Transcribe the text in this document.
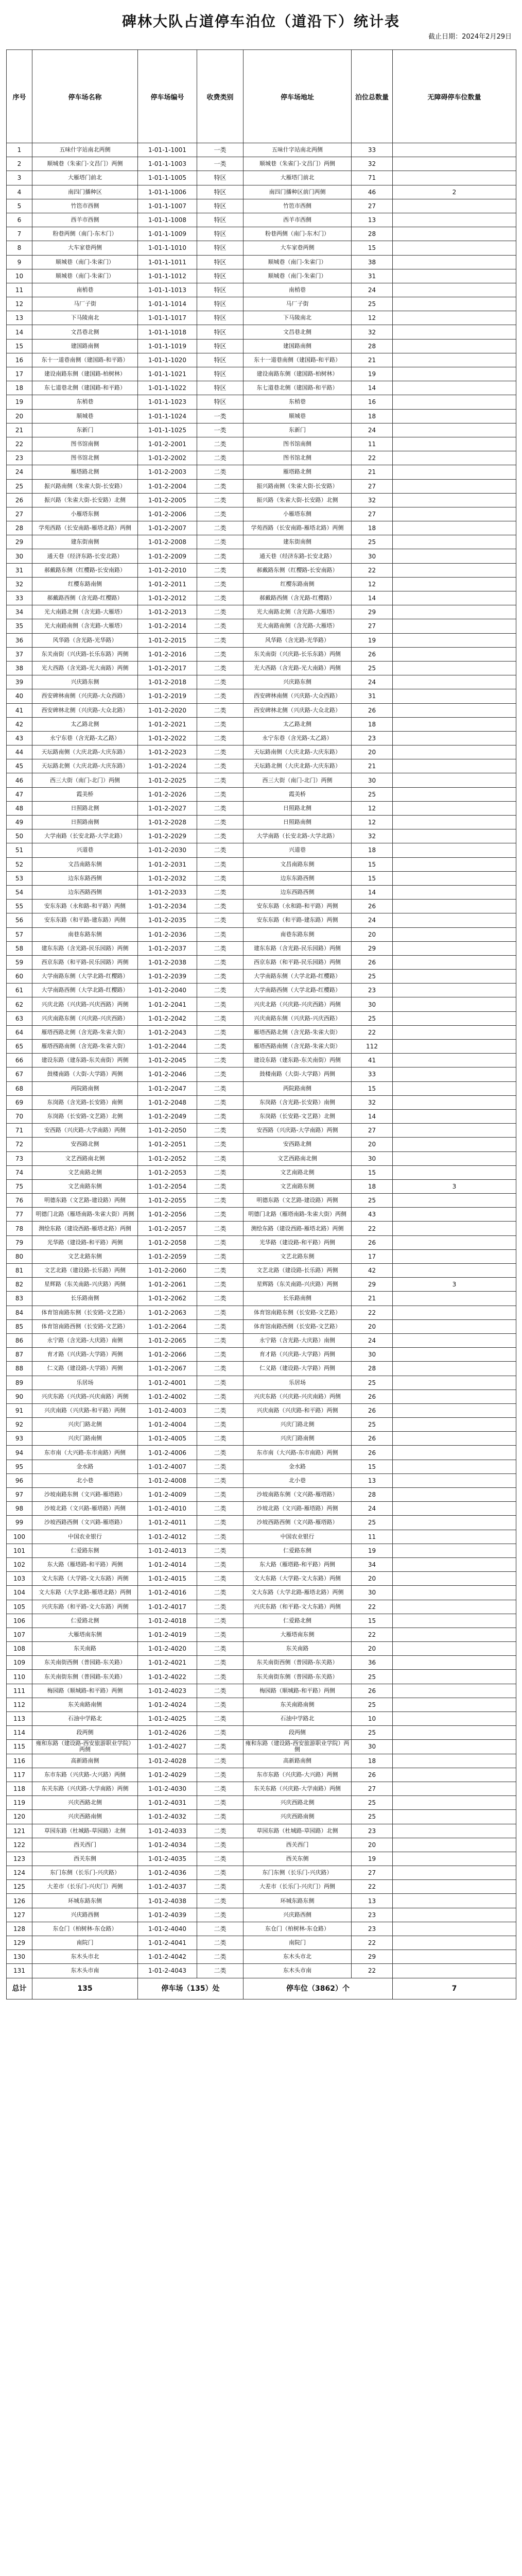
碑林大队占道停车泊位（道沿下）统计表
截止日期：2024年2月29日
序号	停车场名称	停车场编号	收费类别	停车场地址	泊位总数量	无障碍停车位数量
1	五味什字站南北两侧	1-01-1-1001	一类	五味什字站南北两侧	33	
2	顺城巷（朱雀门-文昌门）两侧	1-01-1-1003	一类	顺城巷（朱雀门-文昌门）两侧	32	
3	大雁塔门前北	1-01-1-1005	特区	大雁塔门前北	71	
4	南四门播种区	1-01-1-1006	特区	南四门播种区前门两侧	46	2
5	竹笆市西侧	1-01-1-1007	特区	竹笆市西侧	27	
6	西羊市西侧	1-01-1-1008	特区	西羊市西侧	13	
7	粉巷两侧（南门-东木门）	1-01-1-1009	特区	粉巷两侧（南门-东木门）	28	
8	大车家巷两侧	1-01-1-1010	特区	大车家巷两侧	15	
9	顺城巷（南门-朱雀门）	1-01-1-1011	特区	顺城巷（南门-朱雀门）	38	
10	顺城巷（南门-朱雀门）	1-01-1-1012	特区	顺城巷（南门-朱雀门）	31	
11	南梢巷	1-01-1-1013	特区	南梢巷	24	
12	马厂子街	1-01-1-1014	特区	马厂子街	25	
13	下马陵南北	1-01-1-1017	特区	下马陵南北	12	
14	文昌巷北侧	1-01-1-1018	特区	文昌巷北侧	32	
15	建国路南侧	1-01-1-1019	特区	建国路南侧	28	
16	东十一道巷南侧（建国路-和平路）	1-01-1-1020	特区	东十一道巷南侧（建国路-和平路）	21	
17	建设南路东侧（建国路-柏树林）	1-01-1-1021	特区	建设南路东侧（建国路-柏树林）	19	
18	东七道巷北侧（建国路-和平路）	1-01-1-1022	特区	东七道巷北侧（建国路-和平路）	14	
19	东梢巷	1-01-1-1023	特区	东梢巷	16	
20	顺城巷	1-01-1-1024	一类	顺城巷	18	
21	东新门	1-01-1-1025	一类	东新门	24	
22	图书馆南侧	1-01-2-2001	二类	图书馆南侧	11	
23	图书馆北侧	1-01-2-2002	二类	图书馆北侧	22	
24	雁塔路北侧	1-01-2-2003	二类	雁塔路北侧	21	
25	振兴路南侧（朱雀大街-长安路）	1-01-2-2004	二类	振兴路南侧（朱雀大街-长安路）	27	
26	振兴路（朱雀大街-长安路）北侧	1-01-2-2005	二类	振兴路（朱雀大街-长安路）北侧	32	
27	小雁塔东侧	1-01-2-2006	二类	小雁塔东侧	27	
28	学苑西路（长安南路-雁塔北路）两侧	1-01-2-2007	二类	学苑西路（长安南路-雁塔北路）两侧	18	
29	建东街南侧	1-01-2-2008	二类	建东街南侧	25	
30	通天巷（经济东路-长安北路）	1-01-2-2009	二类	通天巷（经济东路-长安北路）	30	
31	郝戴路东侧（红樱路-长安南路）	1-01-2-2010	二类	郝戴路东侧（红樱路-长安南路）	22	
32	红樱东路南侧	1-01-2-2011	二类	红樱东路南侧	12	
33	郝戴路西侧（含光路-红樱路）	1-01-2-2012	二类	郝戴路西侧（含光路-红樱路）	14	
34	光大南路北侧（含光路-大雁塔）	1-01-2-2013	二类	光大南路北侧（含光路-大雁塔）	29	
35	光大南路南侧（含光路-大雁塔）	1-01-2-2014	二类	光大南路南侧（含光路-大雁塔）	27	
36	风华路（含光路-光华路）	1-01-2-2015	二类	风华路（含光路-光华路）	19	
37	东关南街（兴庆路-长乐东路）两侧	1-01-2-2016	二类	东关南街（兴庆路-长乐东路）两侧	26	
38	光大西路（含光路-光大南路）两侧	1-01-2-2017	二类	光大西路（含光路-光大南路）两侧	25	
39	兴庆路东侧	1-01-2-2018	二类	兴庆路东侧	24	
40	西安碑林南侧（兴庆路-大众西路）	1-01-2-2019	二类	西安碑林南侧（兴庆路-大众西路）	31	
41	西安碑林北侧（兴庆路-大众北路）	1-01-2-2020	二类	西安碑林北侧（兴庆路-大众北路）	26	
42	太乙路北侧	1-01-2-2021	二类	太乙路北侧	18	
43	永宁东巷（含光路-太乙路）	1-01-2-2022	二类	永宁东巷（含光路-太乙路）	23	
44	天坛路南侧（大庆北路-大庆东路）	1-01-2-2023	二类	天坛路南侧（大庆北路-大庆东路）	20	
45	天坛路北侧（大庆北路-大庆东路）	1-01-2-2024	二类	天坛路北侧（大庆北路-大庆东路）	21	
46	西三大街（南门-北门）两侧	1-01-2-2025	二类	西三大街（南门-北门）两侧	30	
47	霞美桥	1-01-2-2026	二类	霞美桥	25	
48	日照路北侧	1-01-2-2027	二类	日照路北侧	12	
49	日照路南侧	1-01-2-2028	二类	日照路南侧	12	
50	大学南路（长安北路-大学北路）	1-01-2-2029	二类	大学南路（长安北路-大学北路）	32	
51	兴道巷	1-01-2-2030	二类	兴道巷	18	
52	文昌南路东侧	1-01-2-2031	二类	文昌南路东侧	15	
53	边东东路西侧	1-01-2-2032	二类	边东东路西侧	15	
54	边东西路西侧	1-01-2-2033	二类	边东西路西侧	14	
55	安东东路（永和路-和平路）两侧	1-01-2-2034	二类	安东东路（永和路-和平路）两侧	26	
56	安东东路（和平路-建东路）两侧	1-01-2-2035	二类	安东东路（和平路-建东路）两侧	24	
57	南巷东路东侧	1-01-2-2036	二类	南巷东路东侧	20	
58	建东东路（含光路-民乐园路）两侧	1-01-2-2037	二类	建东东路（含光路-民乐园路）两侧	29	
59	西京东路（和平路-民乐园路）两侧	1-01-2-2038	二类	西京东路（和平路-民乐园路）两侧	26	
60	大学南路东侧（大学北路-红樱路）	1-01-2-2039	二类	大学南路东侧（大学北路-红樱路）	25	
61	大学南路西侧（大学北路-红樱路）	1-01-2-2040	二类	大学南路西侧（大学北路-红樱路）	23	
62	兴庆北路（兴庆路-兴庆西路）两侧	1-01-2-2041	二类	兴庆北路（兴庆路-兴庆西路）两侧	30	
63	兴庆南路东侧（兴庆路-兴庆西路）	1-01-2-2042	二类	兴庆南路东侧（兴庆路-兴庆西路）	25	
64	雁塔西路北侧（含光路-朱雀大街）	1-01-2-2043	二类	雁塔西路北侧（含光路-朱雀大街）	22	
65	雁塔西路南侧（含光路-朱雀大街）	1-01-2-2044	二类	雁塔西路南侧（含光路-朱雀大街）	112	
66	建设东路（建东路-东关南街）两侧	1-01-2-2045	二类	建设东路（建东路-东关南街）两侧	41	
67	鼓楼南路（大街-大学路）两侧	1-01-2-2046	二类	鼓楼南路（大街-大学路）两侧	33	
68	两院路南侧	1-01-2-2047	二类	两院路南侧	15	
69	东岗路（含光路-长安路）南侧	1-01-2-2048	二类	东岗路（含光路-长安路）南侧	32	
70	东岗路（长安路-文艺路）北侧	1-01-2-2049	二类	东岗路（长安路-文艺路）北侧	14	
71	安西路（兴庆路-大学南路）两侧	1-01-2-2050	二类	安西路（兴庆路-大学南路）两侧	27	
72	安西路北侧	1-01-2-2051	二类	安西路北侧	20	
73	文艺西路南北侧	1-01-2-2052	二类	文艺西路南北侧	30	
74	文艺南路北侧	1-01-2-2053	二类	文艺南路北侧	15	
75	文艺南路东侧	1-01-2-2054	二类	文艺南路东侧	18	3
76	明德东路（文艺路-建设路）两侧	1-01-2-2055	二类	明德东路（文艺路-建设路）两侧	25	
77	明德门北路（雁塔南路-朱雀大街）两侧	1-01-2-2056	二类	明德门北路（雁塔南路-朱雀大街）两侧	43	
78	测绘东路（建设西路-雁塔北路）两侧	1-01-2-2057	二类	测绘东路（建设西路-雁塔北路）两侧	22	
79	光华路（建设路-和平路）两侧	1-01-2-2058	二类	光华路（建设路-和平路）两侧	26	
80	文艺北路东侧	1-01-2-2059	二类	文艺北路东侧	17	
81	文艺北路（建设路-长乐路）两侧	1-01-2-2060	二类	文艺北路（建设路-长乐路）两侧	42	
82	星辉路（东关南路-兴庆路）两侧	1-01-2-2061	二类	星辉路（东关南路-兴庆路）两侧	29	3
83	长乐路南侧	1-01-2-2062	二类	长乐路南侧	21	
84	体育馆南路东侧（长安路-文艺路）	1-01-2-2063	二类	体育馆南路东侧（长安路-文艺路）	22	
85	体育馆南路西侧（长安路-文艺路）	1-01-2-2064	二类	体育馆南路西侧（长安路-文艺路）	20	
86	永宁路（含光路-大庆路）南侧	1-01-2-2065	二类	永宁路（含光路-大庆路）南侧	24	
87	育才路（兴庆路-大学路）两侧	1-01-2-2066	二类	育才路（兴庆路-大学路）两侧	30	
88	仁义路（建设路-大学路）两侧	1-01-2-2067	二类	仁义路（建设路-大学路）两侧	28	
89	乐居场	1-01-2-4001	二类	乐居场	25	
90	兴庆东路（兴庆路-兴庆南路）两侧	1-01-2-4002	二类	兴庆东路（兴庆路-兴庆南路）两侧	26	
91	兴庆南路（兴庆路-和平路）两侧	1-01-2-4003	二类	兴庆南路（兴庆路-和平路）两侧	26	
92	兴庆门路北侧	1-01-2-4004	二类	兴庆门路北侧	25	
93	兴庆门路南侧	1-01-2-4005	二类	兴庆门路南侧	26	
94	东市南（大兴路-东市南路）两侧	1-01-2-4006	二类	东市南（大兴路-东市南路）两侧	26	
95	金水路	1-01-2-4007	二类	金水路	15	
96	北小巷	1-01-2-4008	二类	北小巷	13	
97	沙坡南路东侧（文兴路-雁塔路）	1-01-2-4009	二类	沙坡南路东侧（文兴路-雁塔路）	28	
98	沙坡北路（文兴路-雁塔路）两侧	1-01-2-4010	二类	沙坡北路（文兴路-雁塔路）两侧	24	
99	沙坡西路西侧（文兴路-雁塔路）	1-01-2-4011	二类	沙坡西路西侧（文兴路-雁塔路）	25	
100	中国农业银行	1-01-2-4012	二类	中国农业银行	11	
101	仁爱路东侧	1-01-2-4013	二类	仁爱路东侧	19	
102	东大路（雁塔路-和平路）两侧	1-01-2-4014	二类	东大路（雁塔路-和平路）两侧	34	
103	文大东路（大学路-文大东路）两侧	1-01-2-4015	二类	文大东路（大学路-文大东路）两侧	20	
104	文大东路（大学北路-雁塔北路）两侧	1-01-2-4016	二类	文大东路（大学北路-雁塔北路）两侧	30	
105	兴庆东路（和平路-文大东路）两侧	1-01-2-4017	二类	兴庆东路（和平路-文大东路）两侧	22	
106	仁爱路北侧	1-01-2-4018	二类	仁爱路北侧	15	
107	大雁塔南东侧	1-01-2-4019	二类	大雁塔南东侧	22	
108	东关南路	1-01-2-4020	二类	东关南路	20	
109	东关南街西侧（普园路-东关路）	1-01-2-4021	二类	东关南街西侧（普园路-东关路）	36	
110	东关南街东侧（普园路-东关路）	1-01-2-4022	二类	东关南街东侧（普园路-东关路）	25	
111	梅园路（顺城路-和平路）两侧	1-01-2-4023	二类	梅园路（顺城路-和平路）两侧	26	
112	东关南路南侧	1-01-2-4024	二类	东关南路南侧	25	
113	石油中学路北	1-01-2-4025	二类	石油中学路北	10	
114	段两侧	1-01-2-4026	二类	段两侧	25	
115	雍和东路（建设路-西安旅游职业学院）两侧	1-01-2-4027	二类	雍和东路（建设路-西安旅游职业学院）两侧	30	
116	高新路南侧	1-01-2-4028	二类	高新路南侧	18	
117	东市东路（兴庆路-大兴路）两侧	1-01-2-4029	二类	东市东路（兴庆路-大兴路）两侧	26	
118	东关东路（兴庆路-大学南路）两侧	1-01-2-4030	二类	东关东路（兴庆路-大学南路）两侧	27	
119	兴庆西路北侧	1-01-2-4031	二类	兴庆西路北侧	25	
120	兴庆西路南侧	1-01-2-4032	二类	兴庆西路南侧	25	
121	草园东路（杜城路-草园路）北侧	1-01-2-4033	二类	草园东路（杜城路-草园路）北侧	23	
122	西关西门	1-01-2-4034	二类	西关西门	20	
123	西关东侧	1-01-2-4035	二类	西关东侧	19	
124	东门东侧（长乐门-兴庆路）	1-01-2-4036	二类	东门东侧（长乐门-兴庆路）	27	
125	大差市（长乐门-兴庆门）两侧	1-01-2-4037	二类	大差市（长乐门-兴庆门）两侧	22	
126	环城东路东侧	1-01-2-4038	二类	环城东路东侧	13	
127	兴庆路西侧	1-01-2-4039	二类	兴庆路西侧	23	
128	东仓门（柏树林-东仓路）	1-01-2-4040	二类	东仓门（柏树林-东仓路）	23	
129	南院门	1-01-2-4041	二类	南院门	22	
130	东木头市北	1-01-2-4042	二类	东木头市北	29	
131	东木头市南	1-01-2-4043	二类	东木头市南	22	
总计	135	停车场（135）处		停车位（3862）个		7
